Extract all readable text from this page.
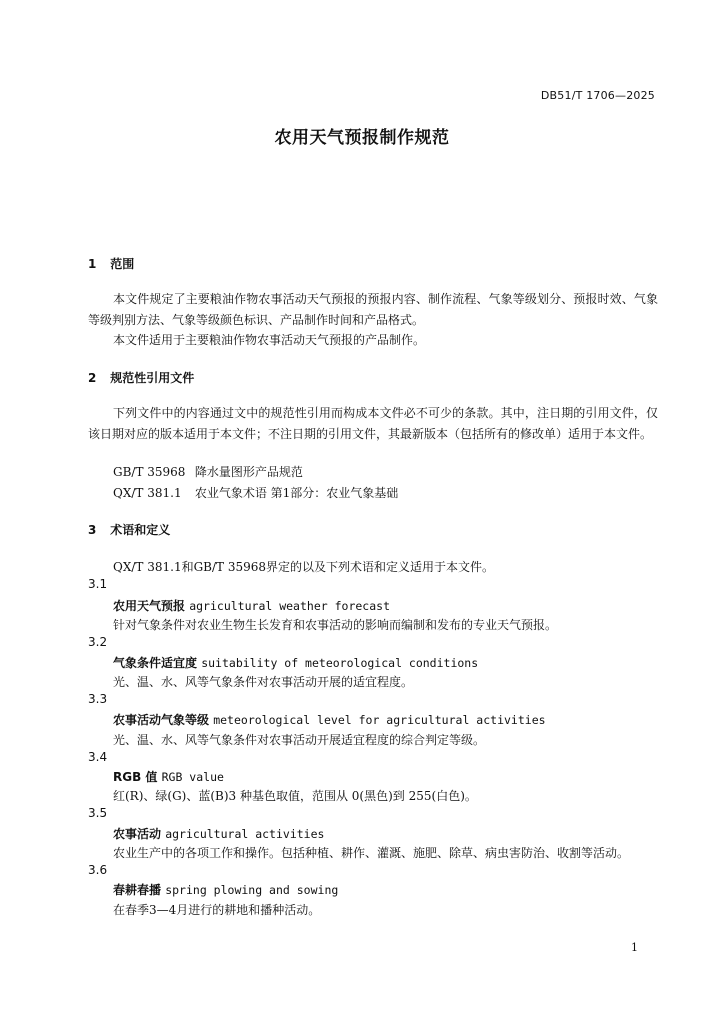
DB51/T 1706—2025
农用天气预报制作规范
1 范围
本文件规定了主要粮油作物农事活动天气预报的预报内容、制作流程、气象等级划分、预报时效、气象等级判别方法、气象等级颜色标识、产品制作时间和产品格式。
本文件适用于主要粮油作物农事活动天气预报的产品制作。
2 规范性引用文件
下列文件中的内容通过文中的规范性引用而构成本文件必不可少的条款。其中，注日期的引用文件，仅该日期对应的版本适用于本文件；不注日期的引用文件，其最新版本（包括所有的修改单）适用于本文件。
GB/T 35968 降水量图形产品规范
QX/T 381.1 农业气象术语 第1部分：农业气象基础
3 术语和定义
QX/T 381.1和GB/T 35968界定的以及下列术语和定义适用于本文件。
3.1
农用天气预报 agricultural weather forecast
针对气象条件对农业生物生长发育和农事活动的影响而编制和发布的专业天气预报。
3.2
气象条件适宜度 suitability of meteorological conditions
光、温、水、风等气象条件对农事活动开展的适宜程度。
3.3
农事活动气象等级 meteorological level for agricultural activities
光、温、水、风等气象条件对农事活动开展适宜程度的综合判定等级。
3.4
RGB 值 RGB value
红(R)、绿(G)、蓝(B)3 种基色取值，范围从 0(黑色)到 255(白色)。
3.5
农事活动 agricultural activities
农业生产中的各项工作和操作。包括种植、耕作、灌溉、施肥、除草、病虫害防治、收割等活动。
3.6
春耕春播 spring plowing and sowing
在春季3—4月进行的耕地和播种活动。
1
